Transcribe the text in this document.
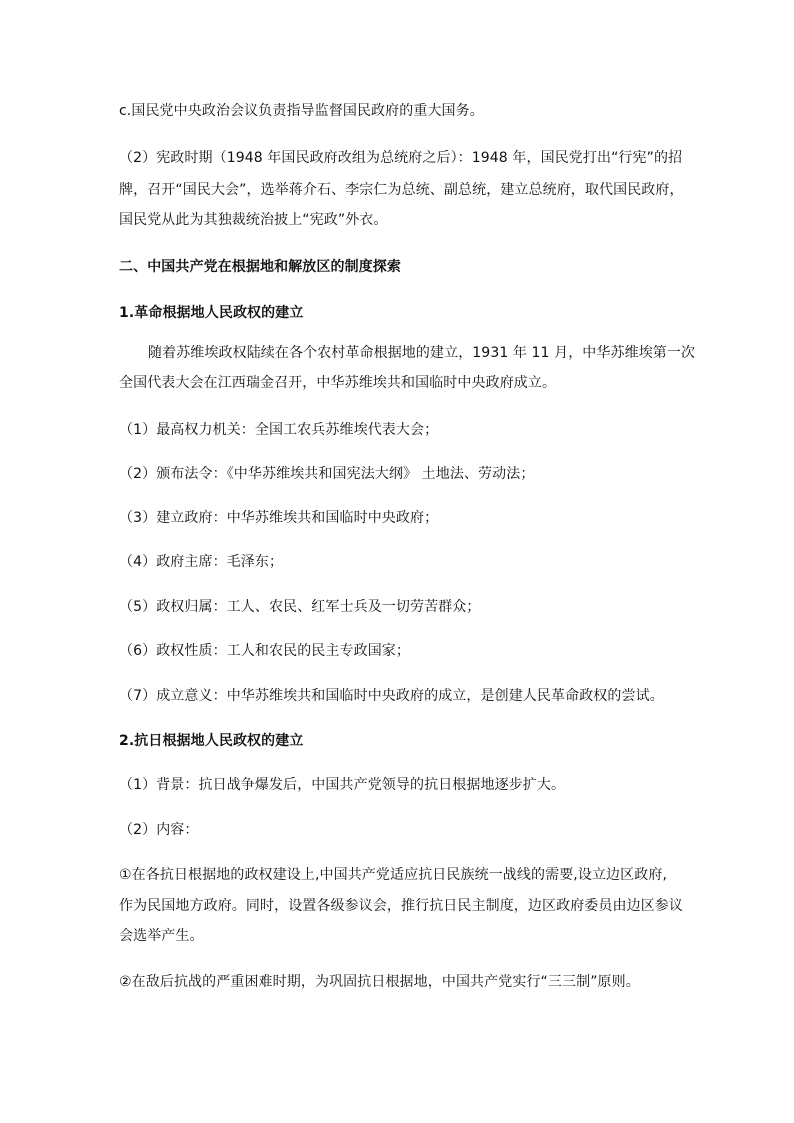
c.国民党中央政治会议负责指导监督国民政府的重大国务。
（2）宪政时期（1948 年国民政府改组为总统府之后）：1948 年，国民党打出“行宪”的招
牌，召开“国民大会”，选举蒋介石、李宗仁为总统、副总统，建立总统府，取代国民政府，
国民党从此为其独裁统治披上“宪政”外衣。
二、中国共产党在根据地和解放区的制度探索
1.革命根据地人民政权的建立
随着苏维埃政权陆续在各个农村革命根据地的建立，1931 年 11 月，中华苏维埃第一次
全国代表大会在江西瑞金召开，中华苏维埃共和国临时中央政府成立。
（1）最高权力机关：全国工农兵苏维埃代表大会；
（2）颁布法令：《中华苏维埃共和国宪法大纲》 土地法、劳动法；
（3）建立政府：中华苏维埃共和国临时中央政府；
（4）政府主席：毛泽东；
（5）政权归属：工人、农民、红军士兵及一切劳苦群众；
（6）政权性质：工人和农民的民主专政国家；
（7）成立意义：中华苏维埃共和国临时中央政府的成立，是创建人民革命政权的尝试。
2.抗日根据地人民政权的建立
（1）背景：抗日战争爆发后，中国共产党领导的抗日根据地逐步扩大。
（2）内容：
①在各抗日根据地的政权建设上,中国共产党适应抗日民族统一战线的需要,设立边区政府,
作为民国地方政府。同时，设置各级参议会，推行抗日民主制度，边区政府委员由边区参议
会选举产生。
②在敌后抗战的严重困难时期，为巩固抗日根据地，中国共产党实行“三三制”原则。
